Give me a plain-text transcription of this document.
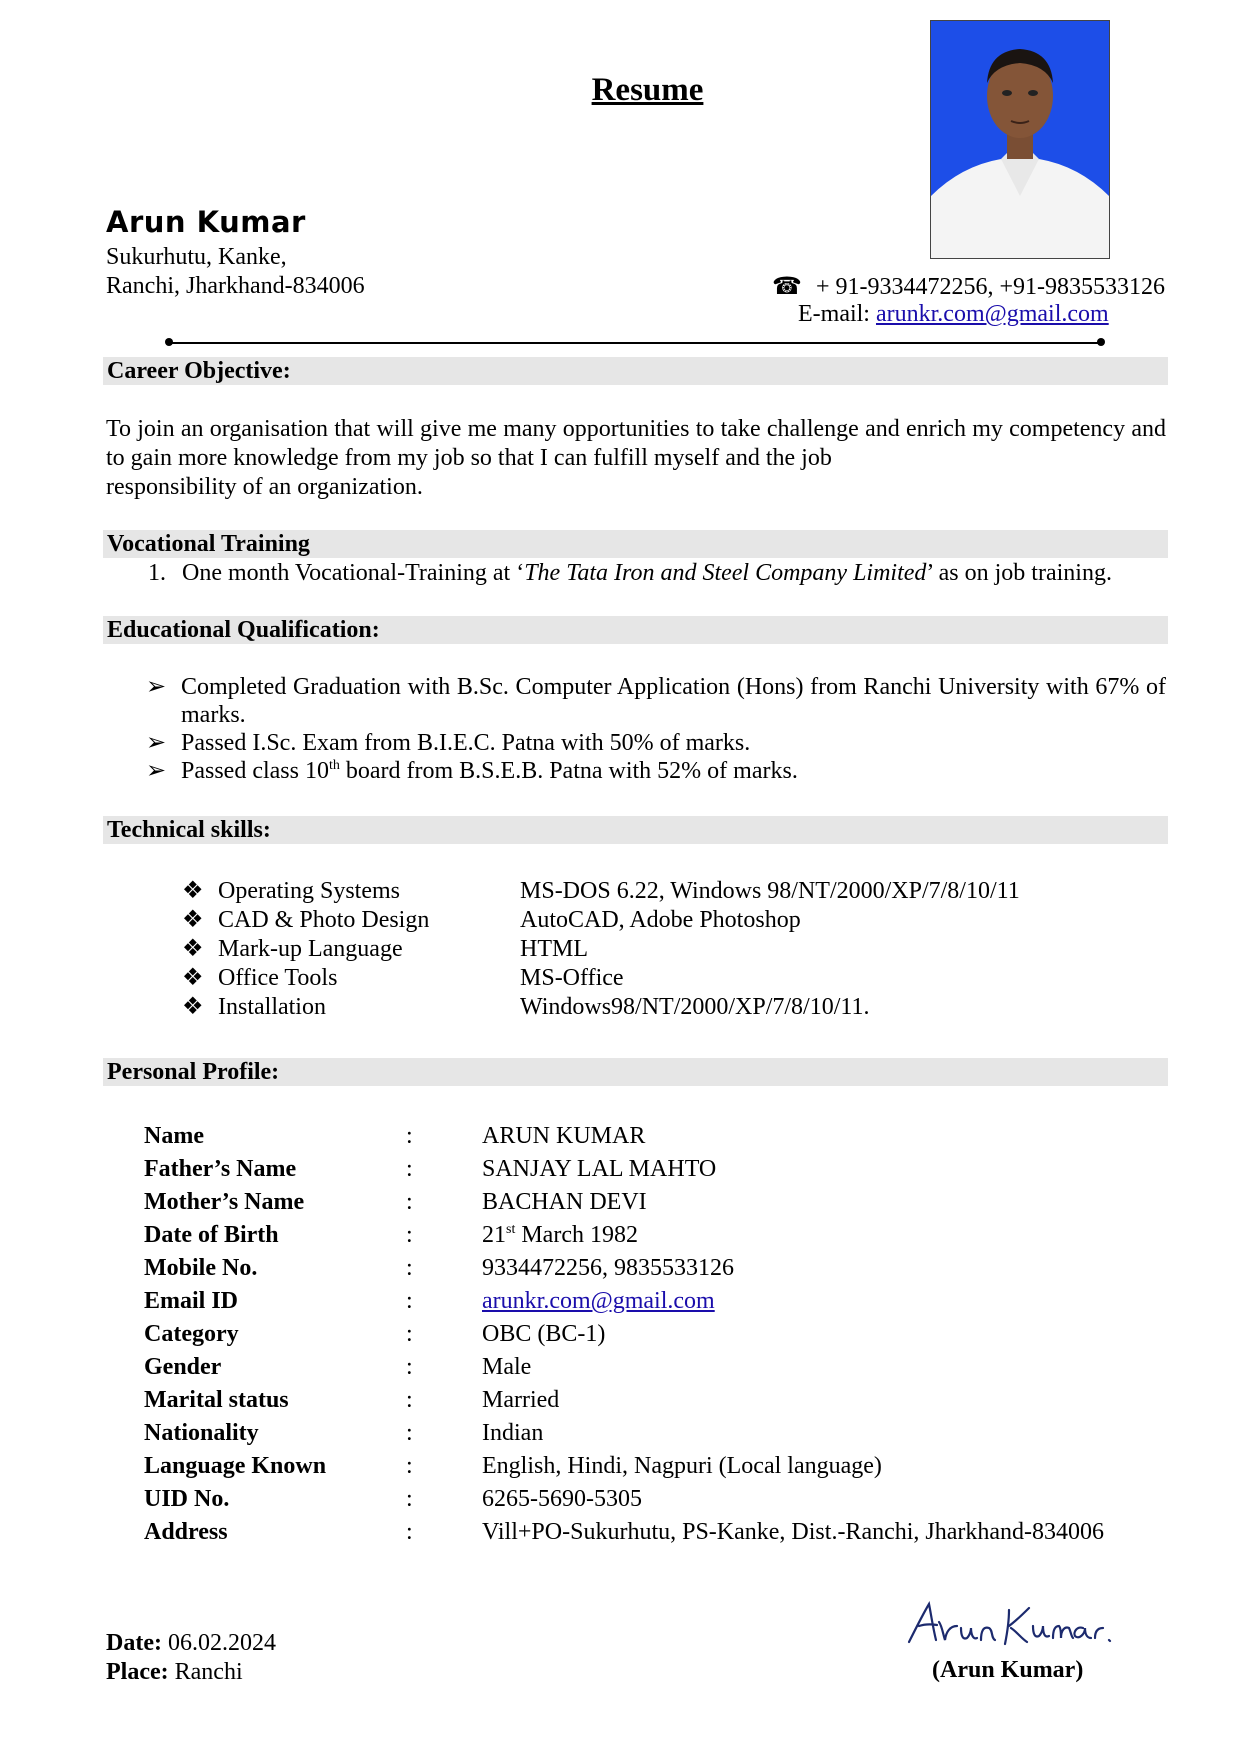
Resume
Arun Kumar
Sukurhutu, Kanke,
Ranchi, Jharkhand-834006	☎ + 91-9334472256, +91-9835533126
E-mail: arunkr.com@gmail.com
Career Objective:
To join an organisation that will give me many opportunities to take challenge and enrich my competency and to gain more knowledge from my job so that I can fulfill myself and the job
responsibility of an organization.
Vocational Training
1. One month Vocational-Training at ‘The Tata Iron and Steel Company Limited’ as on job training.
Educational Qualification:
➢ Completed Graduation with B.Sc. Computer Application (Hons) from Ranchi University with 67% of marks.
➢ Passed I.Sc. Exam from B.I.E.C. Patna with 50% of marks.
➢ Passed class 10th board from B.S.E.B. Patna with 52% of marks.
Technical skills:
❖ Operating Systems	MS-DOS 6.22, Windows 98/NT/2000/XP/7/8/10/11
❖ CAD & Photo Design	AutoCAD, Adobe Photoshop
❖ Mark-up Language	HTML
❖ Office Tools	MS-Office
❖ Installation	Windows98/NT/2000/XP/7/8/10/11.
Personal Profile:
Name	:	ARUN KUMAR
Father’s Name	:	SANJAY LAL MAHTO
Mother’s Name	:	BACHAN DEVI
Date of Birth	:	21st March 1982
Mobile No.	:	9334472256, 9835533126
Email ID	:	arunkr.com@gmail.com
Category	:	OBC (BC-1)
Gender	:	Male
Marital status	:	Married
Nationality	:	Indian
Language Known	:	English, Hindi, Nagpuri (Local language)
UID No.	:	6265-5690-5305
Address	:	Vill+PO-Sukurhutu, PS-Kanke, Dist.-Ranchi, Jharkhand-834006
Date: 06.02.2024
Place: Ranchi	(Arun Kumar)
